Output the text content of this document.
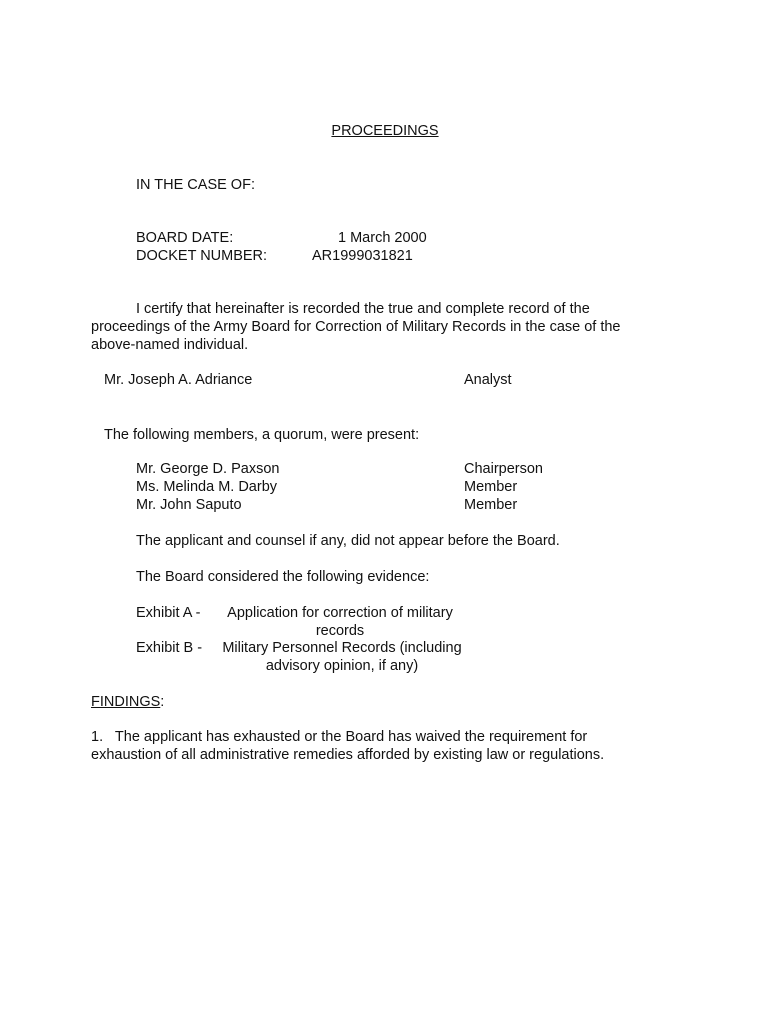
PROCEEDINGS
IN THE CASE OF:
BOARD DATE:	1 March 2000
DOCKET NUMBER:	AR1999031821
I certify that hereinafter is recorded the true and complete record of the proceedings of the Army Board for Correction of Military Records in the case of the above-named individual.
Mr. Joseph A. Adriance	Analyst
The following members, a quorum, were present:
Mr. George D. Paxson	Chairperson
Ms. Melinda M. Darby	Member
Mr. John Saputo	Member
The applicant and counsel if any, did not appear before the Board.
The Board considered the following evidence:
Exhibit A -	Application for correction of military
records
Exhibit B -	Military Personnel Records (including
advisory opinion, if any)
FINDINGS:
1. The applicant has exhausted or the Board has waived the requirement for exhaustion of all administrative remedies afforded by existing law or regulations.
